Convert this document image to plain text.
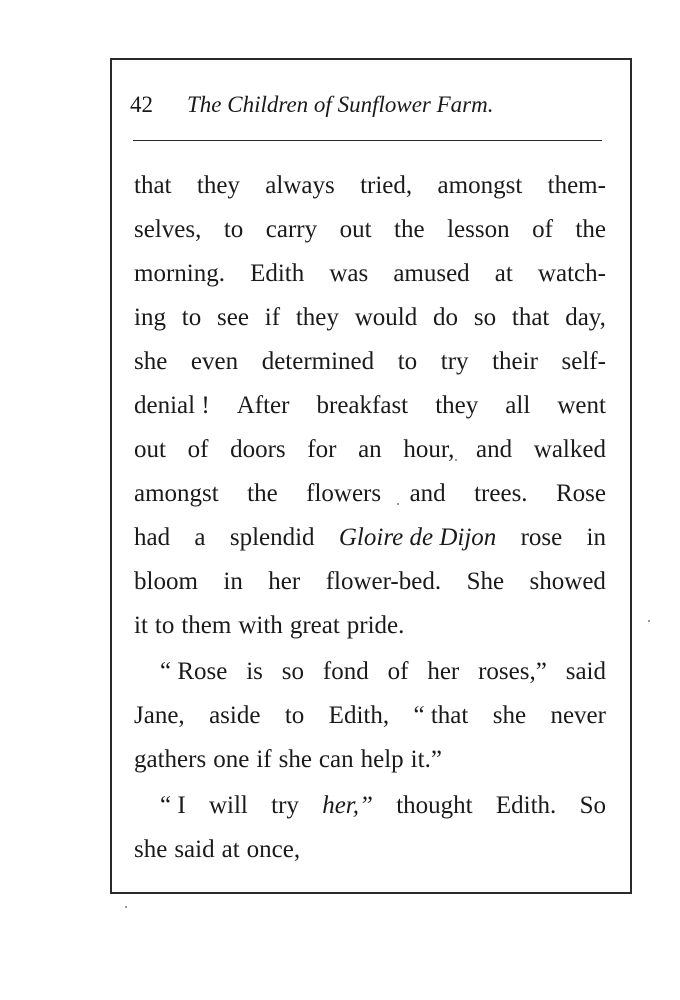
42 The Children of Sunflower Farm.
that they always tried, amongst them-
selves, to carry out the lesson of the
morning. Edith was amused at watch-
ing to see if they would do so that day,
she even determined to try their self-
denial ! After breakfast they all went
out of doors for an hour, and walked
amongst the flowers and trees. Rose
had a splendid Gloire de Dijon rose in
bloom in her flower-bed. She showed
it to them with great pride.
“ Rose is so fond of her roses,” said
Jane, aside to Edith, “ that she never
gathers one if she can help it.”
“ I will try her,” thought Edith. So
she said at once,
